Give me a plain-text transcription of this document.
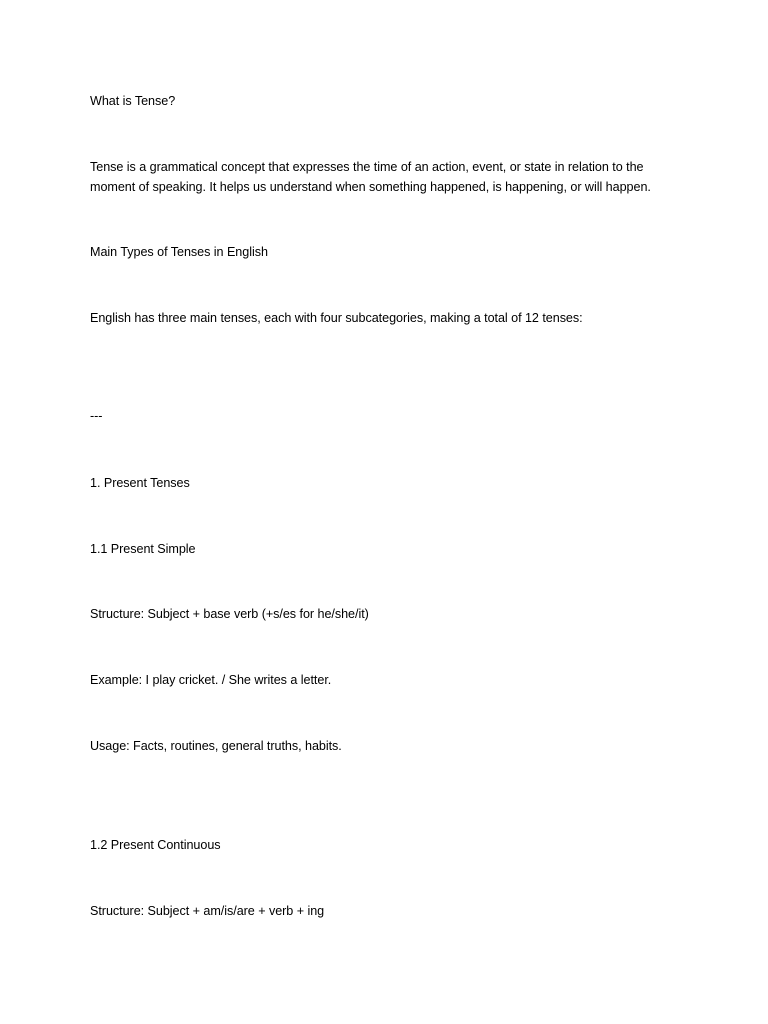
What is Tense?
Tense is a grammatical concept that expresses the time of an action, event, or state in relation to the moment of speaking. It helps us understand when something happened, is happening, or will happen.
Main Types of Tenses in English
English has three main tenses, each with four subcategories, making a total of 12 tenses:
---
1. Present Tenses
1.1 Present Simple
Structure: Subject + base verb (+s/es for he/she/it)
Example: I play cricket. / She writes a letter.
Usage: Facts, routines, general truths, habits.
1.2 Present Continuous
Structure: Subject + am/is/are + verb + ing
